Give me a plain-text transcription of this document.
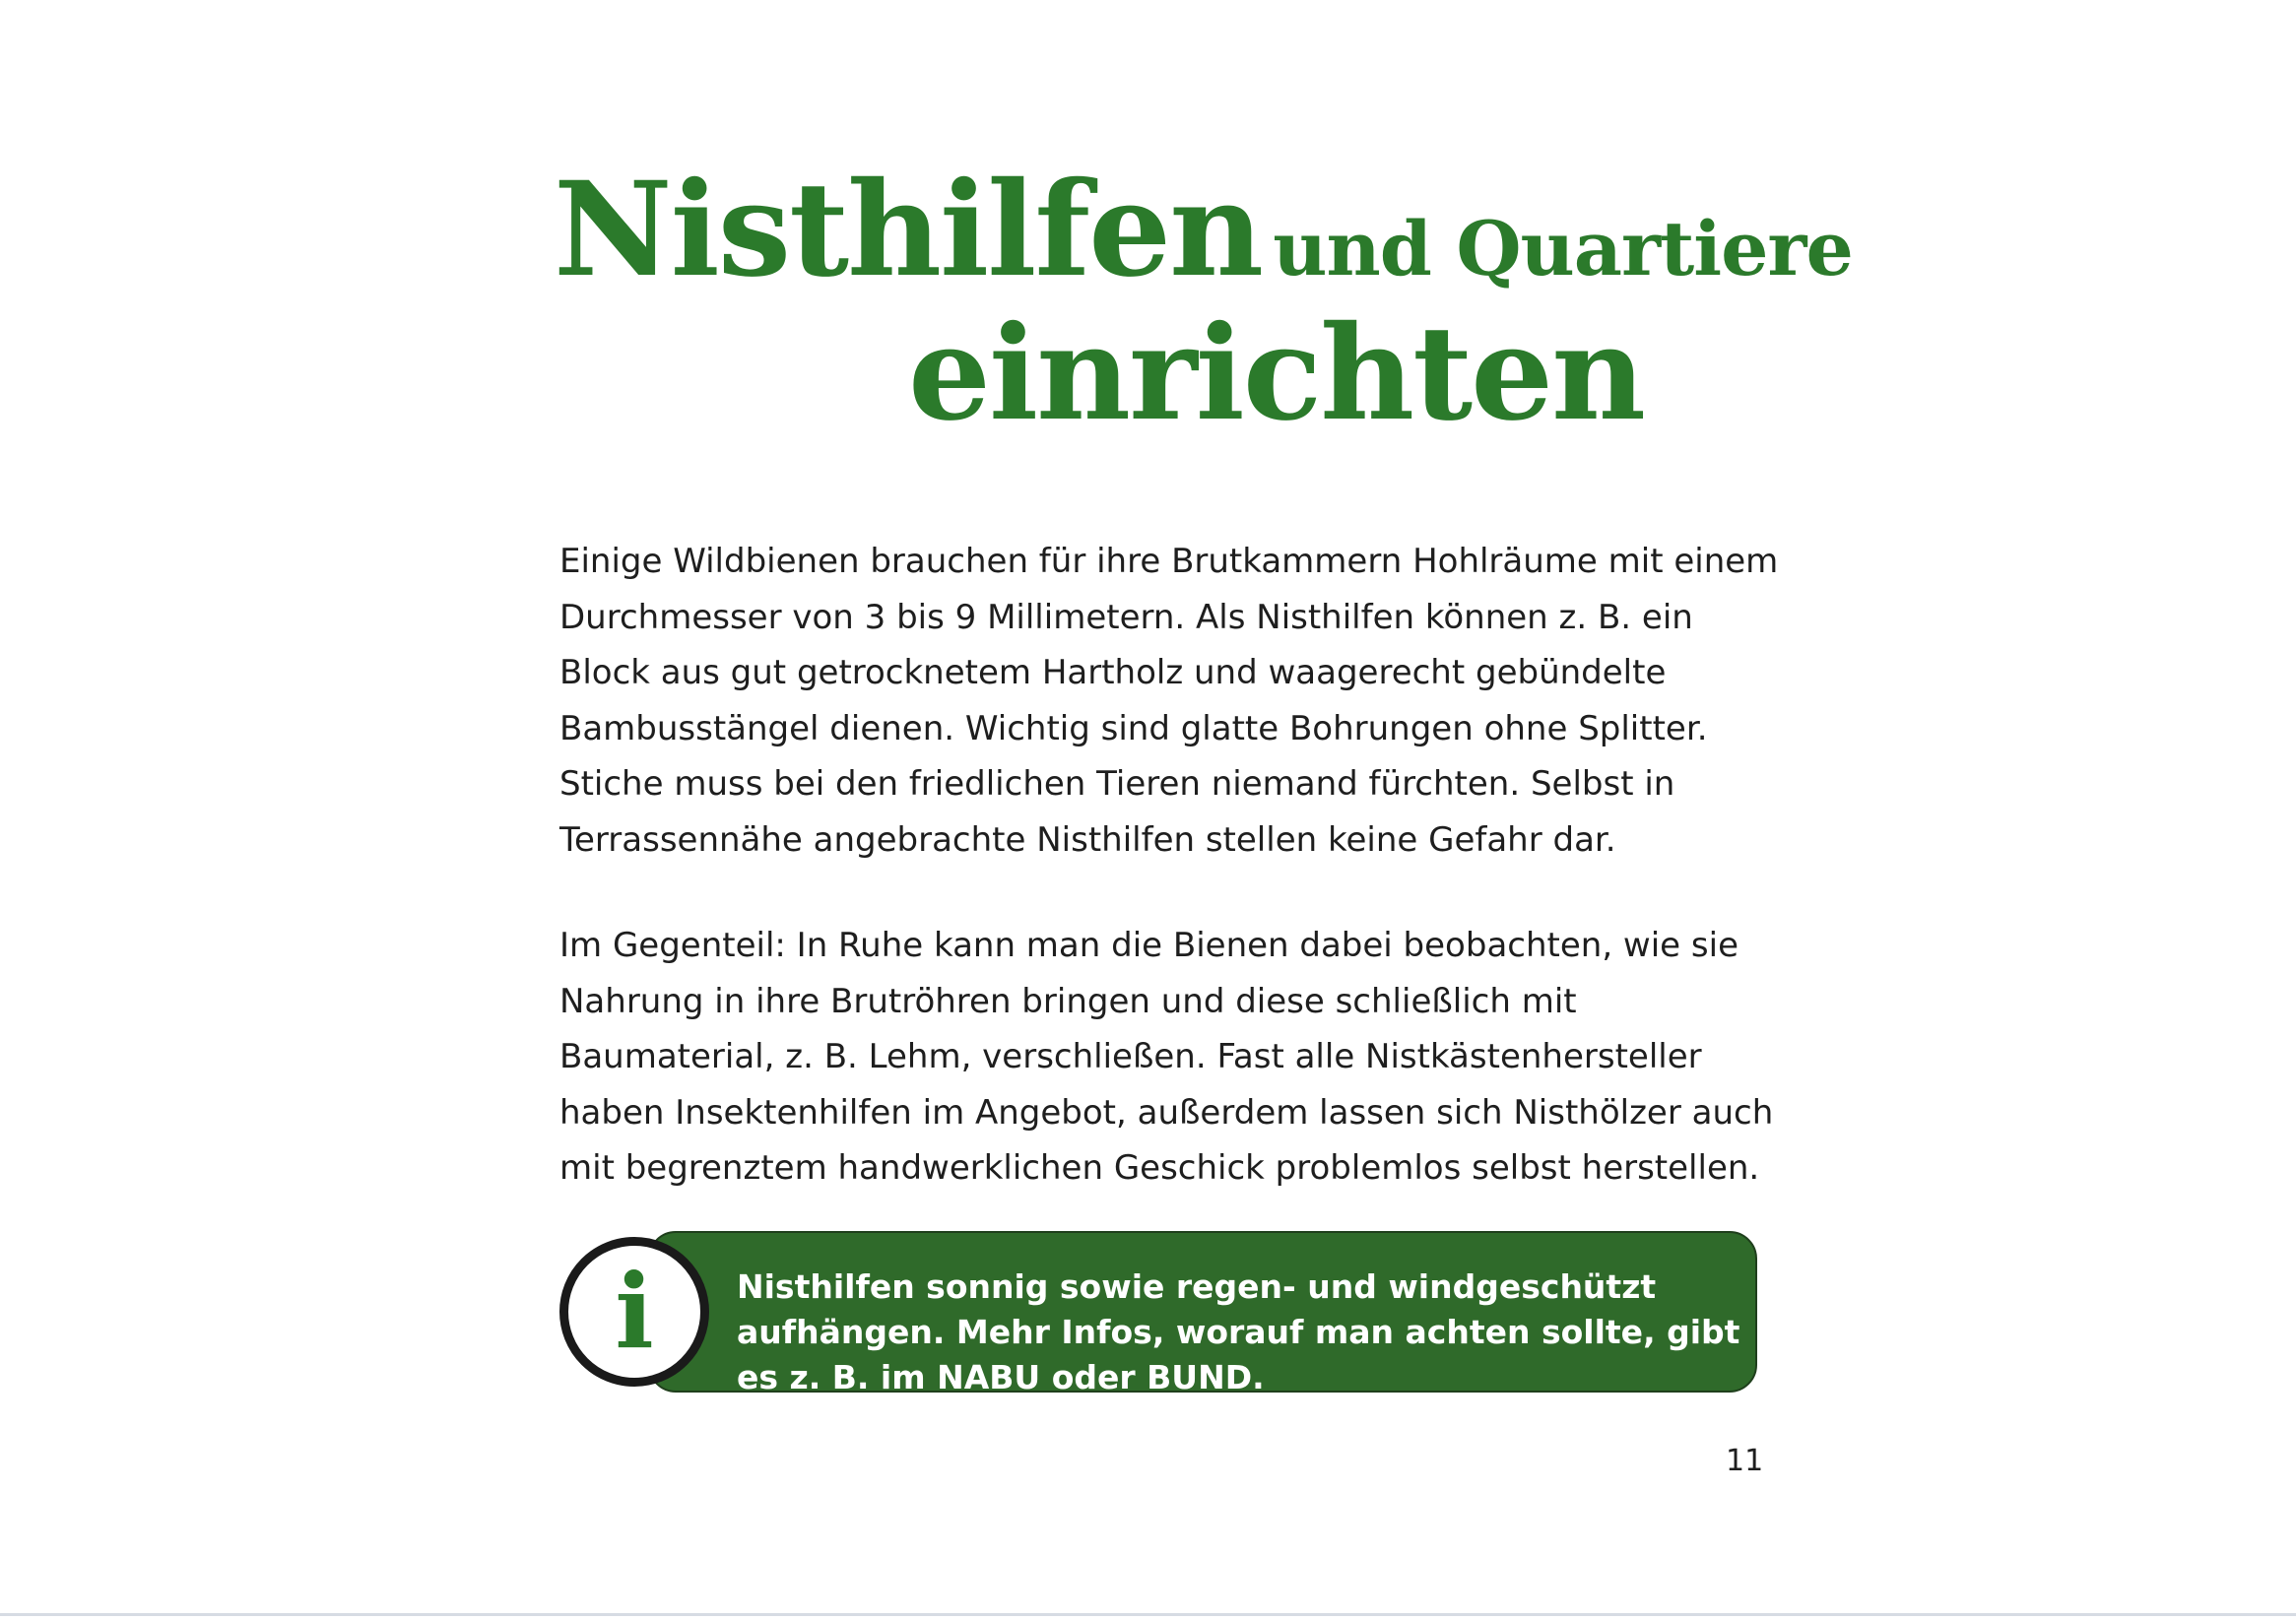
Nisthilfen und Quartiere
einrichten

Einige Wildbienen brauchen für ihre Brutkammern Hohlräume mit einem Durchmesser von 3 bis 9 Millimetern. Als Nisthilfen können z. B. ein Block aus gut getrocknetem Hartholz und waagerecht gebündelte Bambusstängel dienen. Wichtig sind glatte Bohrungen ohne Splitter. Stiche muss bei den friedlichen Tieren niemand fürchten. Selbst in Terrassennähe angebrachte Nisthilfen stellen keine Gefahr dar.

Im Gegenteil: In Ruhe kann man die Bienen dabei beobachten, wie sie Nahrung in ihre Brutröhren bringen und diese schließlich mit Baumaterial, z. B. Lehm, verschließen. Fast alle Nistkästenhersteller haben Insektenhilfen im Angebot, außerdem lassen sich Nisthölzer auch mit begrenztem handwerklichen Geschick problemlos selbst herstellen.

Nisthilfen sonnig sowie regen- und windgeschützt aufhängen. Mehr Infos, worauf man achten sollte, gibt es z. B. im NABU oder BUND.

i
11
